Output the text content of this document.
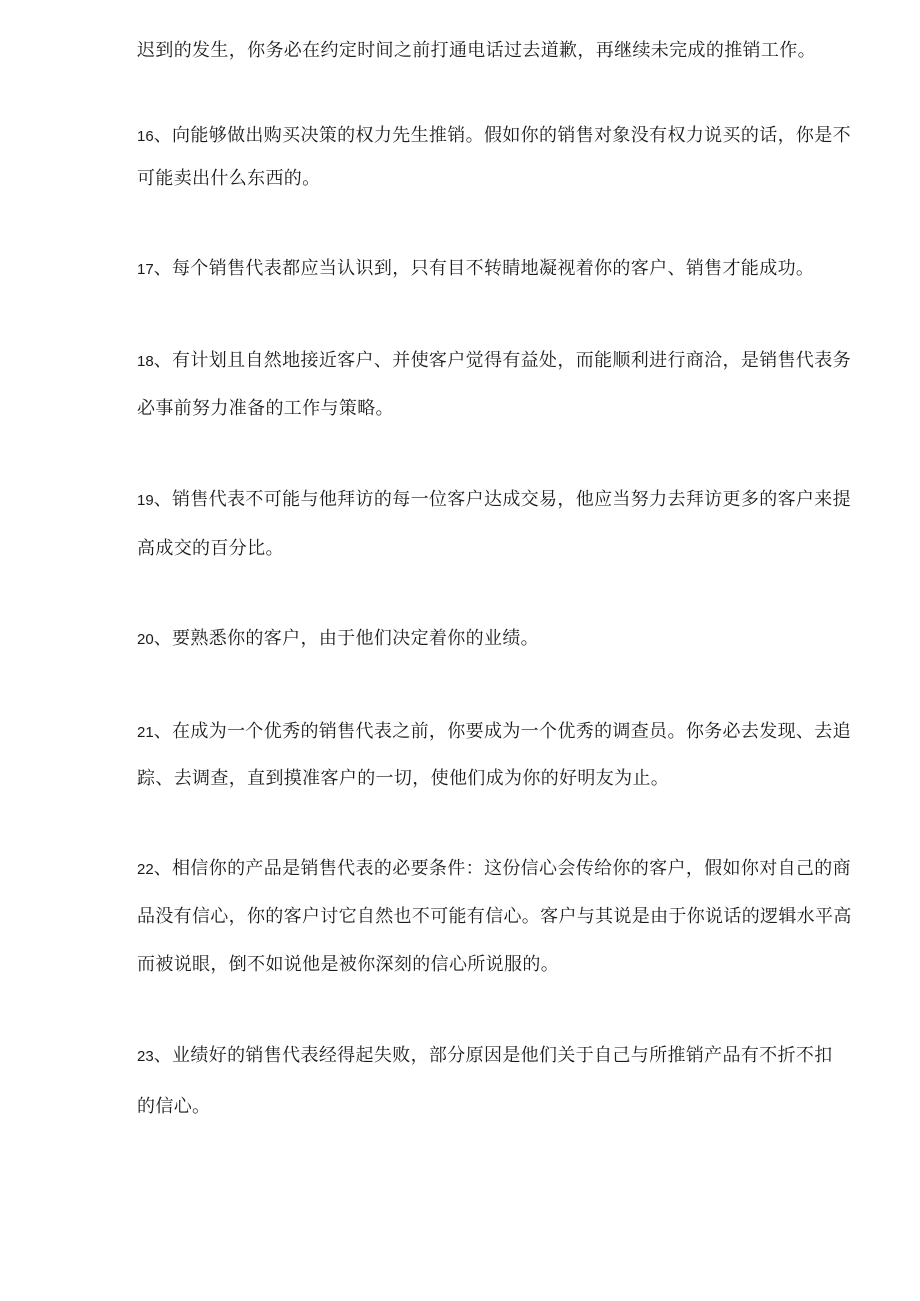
迟到的发生，你务必在约定时间之前打通电话过去道歉，再继续未完成的推销工作。
16、向能够做出购买决策的权力先生推销。假如你的销售对象没有权力说买的话，你是不
可能卖出什么东西的。
17、每个销售代表都应当认识到，只有目不转睛地凝视着你的客户、销售才能成功。
18、有计划且自然地接近客户、并使客户觉得有益处，而能顺利进行商洽，是销售代表务
必事前努力准备的工作与策略。
19、销售代表不可能与他拜访的每一位客户达成交易，他应当努力去拜访更多的客户来提
高成交的百分比。
20、要熟悉你的客户，由于他们决定着你的业绩。
21、在成为一个优秀的销售代表之前，你要成为一个优秀的调查员。你务必去发现、去追
踪、去调查，直到摸准客户的一切，使他们成为你的好明友为止。
22、相信你的产品是销售代表的必要条件：这份信心会传给你的客户，假如你对自己的商
品没有信心，你的客户讨它自然也不可能有信心。客户与其说是由于你说话的逻辑水平高
而被说眼，倒不如说他是被你深刻的信心所说服的。
23、业绩好的销售代表经得起失败，部分原因是他们关于自己与所推销产品有不折不扣
的信心。
